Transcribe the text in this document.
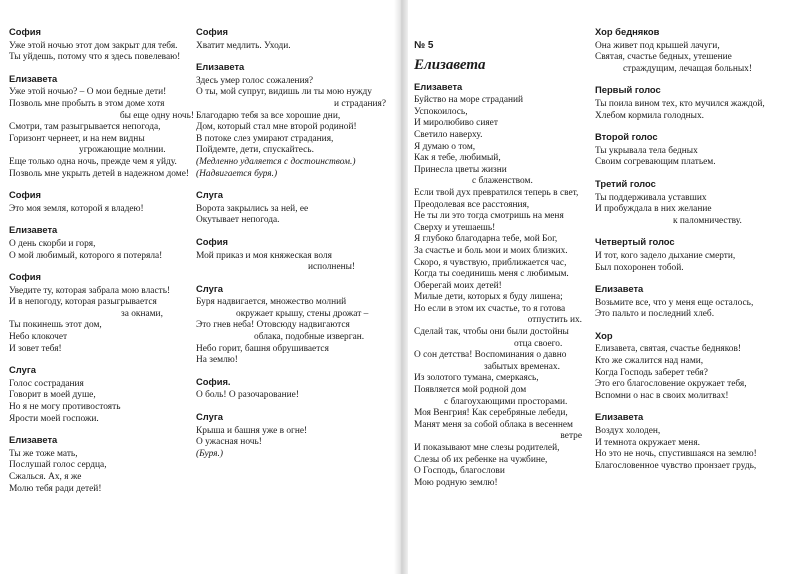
София
Уже этой ночью этот дом закрыт для тебя.
Ты уйдешь, потому что я здесь повелеваю!
Елизавета
Уже этой ночью? – О мои бедные дети!
Позволь мне пробыть в этом доме хотя
бы еще одну ночь!
Смотри, там разыгрывается непогода,
Горизонт чернеет, и на нем видны
угрожающие молнии.
Еще только одна ночь, прежде чем я уйду.
Позволь мне укрыть детей в надежном доме!
София
Это моя земля, которой я владею!
Елизавета
О день скорби и горя,
О мой любимый, которого я потеряла!
София
Уведите ту, которая забрала мою власть!
И в непогоду, которая разыгрывается
за окнами,
Ты покинешь этот дом,
Небо клокочет
И зовет тебя!
Слуга
Голос сострадания
Говорит в моей душе,
Но я не могу противостоять
Ярости моей госпожи.
Елизавета
Ты же тоже мать,
Послушай голос сердца,
Сжалься. Ах, я же
Молю тебя ради детей!
София
Хватит медлить. Уходи.
Елизавета
Здесь умер голос сожаления?
О ты, мой супруг, видишь ли ты мою нужду
и страдания?
Благодарю тебя за все хорошие дни,
Дом, который стал мне второй родиной!
В потоке слез умирают страдания,
Пойдемте, дети, спускайтесь.
(Медленно удаляется с достоинством.)
(Надвигается буря.)
Слуга
Ворота закрылись за ней, ее
Окутывает непогода.
София
Мой приказ и моя княжеская воля
исполнены!
Слуга
Буря надвигается, множество молний
окружает крышу, стены дрожат –
Это гнев неба! Отовсюду надвигаются
облака, подобные изверган.
Небо горит, башня обрушивается
На землю!
София.
О боль! О разочарование!
Слуга
Крыша и башня уже в огне!
О ужасная ночь!
(Буря.)
№ 5
Елизавета
Елизавета
Буйство на море страданий
Успокоилось,
И миролюбиво сияет
Светило наверху.
Я думаю о том,
Как я тебе, любимый,
Принесла цветы жизни
с блаженством.
Если твой дух превратился теперь в свет,
Преодолевая все расстояния,
Не ты ли это тогда смотришь на меня
Сверху и утешаешь!
Я глубоко благодарна тебе, мой Бог,
За счастье и боль мои и моих близких.
Скоро, я чувствую, приближается час,
Когда ты соединишь меня с любимым.
Оберегай моих детей!
Милые дети, которых я буду лишена;
Но если в этом их счастье, то я готова
отпустить их.
Сделай так, чтобы они были достойны
отца своего.
О сон детства! Воспоминания о давно
забытых временах.
Из золотого тумана, смеркаясь,
Появляется мой родной дом
с благоухающими просторами.
Моя Венгрия! Как серебряные лебеди,
Манят меня за собой облака в весеннем
ветре
И показывают мне слезы родителей,
Слезы об их ребенке на чужбине,
О Господь, благослови
Мою родную землю!
Хор бедняков
Она живет под крышей лачуги,
Святая, счастье бедных, утешение
страждущим, лечащая больных!
Первый голос
Ты поила вином тех, кто мучился жаждой,
Хлебом кормила голодных.
Второй голос
Ты укрывала тела бедных
Своим согревающим платьем.
Третий голос
Ты поддерживала уставших
И пробуждала в них желание
к паломничеству.
Четвертый голос
И тот, кого задело дыхание смерти,
Был похоронен тобой.
Елизавета
Возьмите все, что у меня еще осталось,
Это пальто и последний хлеб.
Хор
Елизавета, святая, счастье бедняков!
Кто же сжалится над нами,
Когда Господь заберет тебя?
Это его благословение окружает тебя,
Вспомни о нас в своих молитвах!
Елизавета
Воздух холоден,
И темнота окружает меня.
Но это не ночь, спустившаяся на землю!
Благословенное чувство пронзает грудь,
